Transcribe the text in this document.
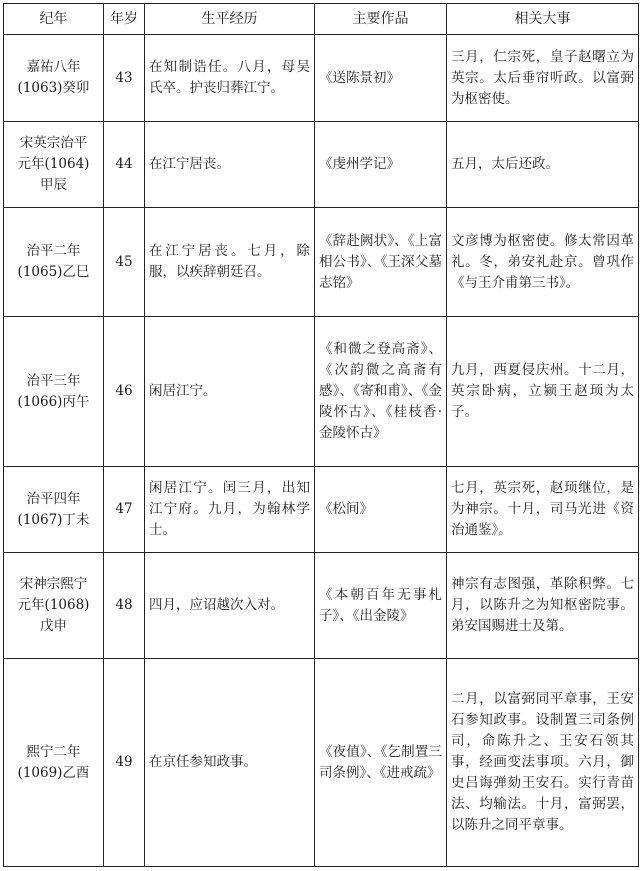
纪年	年岁	生平经历	主要作品	相关大事

嘉祐八年
(1063)癸卯	43	在知制诰任。八月，母吴氏卒。护丧归葬江宁。	《送陈景初》	三月，仁宗死，皇子赵曙立为英宗。太后垂帘听政。以富弼为枢密使。

宋英宗治平
元年(1064)
甲辰	44	在江宁居丧。	《虔州学记》	五月，太后还政。

治平二年
(1065)乙巳	45	在江宁居丧。七月，除服，以疾辞朝廷召。	《辞赴阙状》、《上富相公书》、《王深父墓志铭》	文彦博为枢密使。修太常因革礼。冬，弟安礼赴京。曾巩作《与王介甫第三书》。

治平三年
(1066)丙午	46	闲居江宁。	《和微之登高斋》、《次韵微之高斋有感》、《寄和甫》、《金陵怀古》、《桂枝香·金陵怀古》	九月，西夏侵庆州。十二月，英宗卧病，立颍王赵顼为太子。

治平四年
(1067)丁未	47	闲居江宁。闰三月，出知江宁府。九月，为翰林学士。	《松间》	七月，英宗死，赵顼继位，是为神宗。十月，司马光进《资治通鉴》。

宋神宗熙宁
元年(1068)
戊申	48	四月，应诏越次入对。	《本朝百年无事札子》、《出金陵》	神宗有志图强，革除积弊。七月，以陈升之为知枢密院事。弟安国赐进士及第。

熙宁二年
(1069)乙酉	49	在京任参知政事。	《夜值》、《乞制置三司条例》、《进戒疏》	二月，以富弼同平章事，王安石参知政事。设制置三司条例司，命陈升之、王安石领其事，经画变法事项。六月，御史吕诲弹劾王安石。实行青苗法、均输法。十月，富弼罢，以陈升之同平章事。
